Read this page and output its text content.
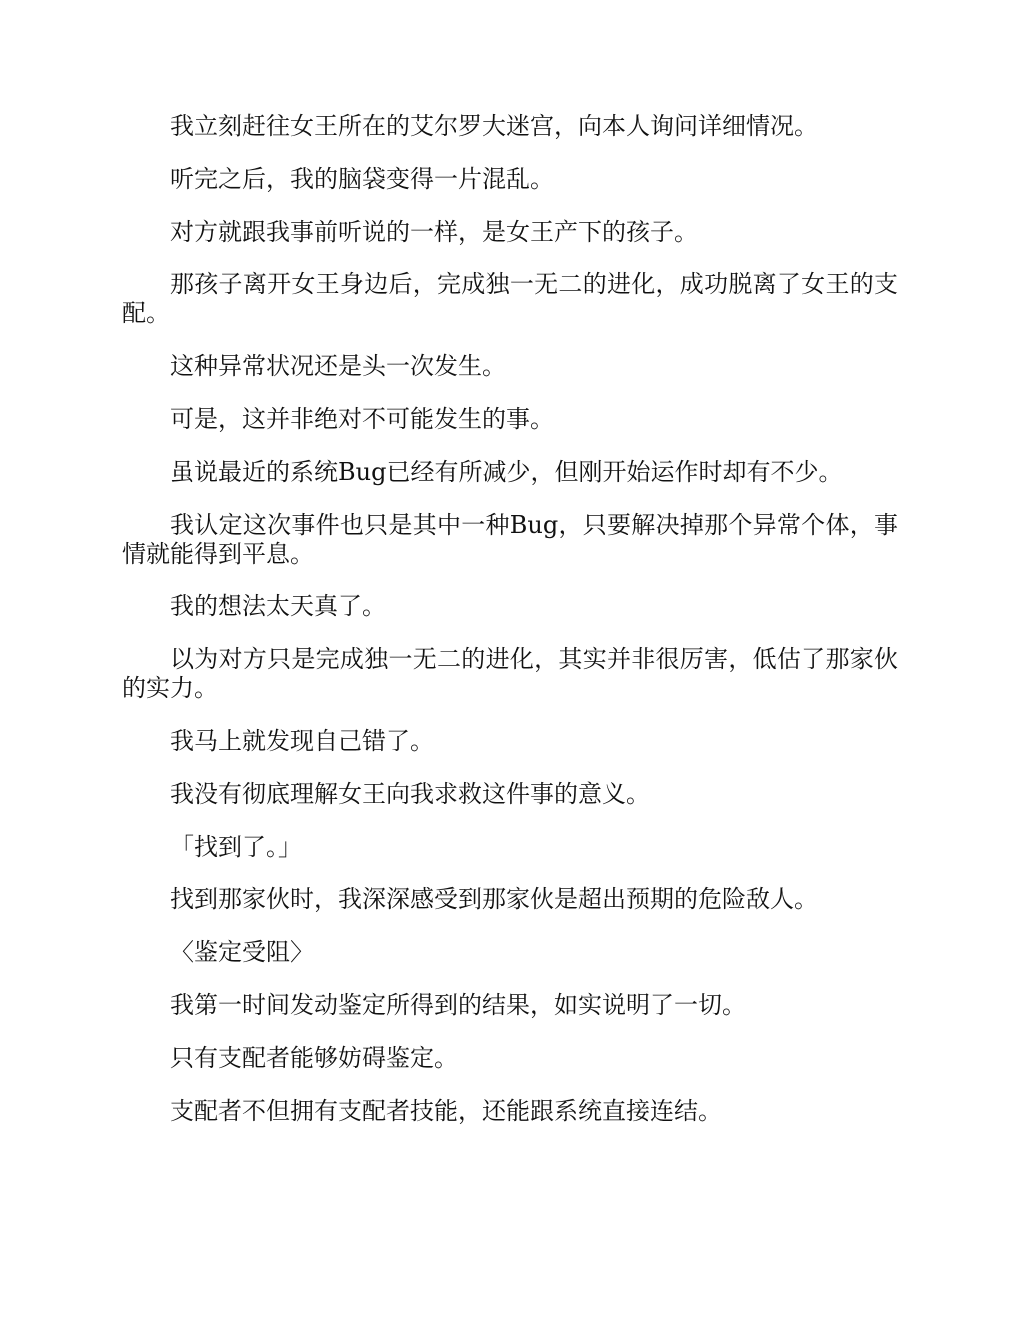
我立刻赶往女王所在的艾尔罗大迷宫，向本人询问详细情况。

听完之后，我的脑袋变得一片混乱。

对方就跟我事前听说的一样，是女王产下的孩子。

那孩子离开女王身边后，完成独一无二的进化，成功脱离了女王的支配。

这种异常状况还是头一次发生。

可是，这并非绝对不可能发生的事。

虽说最近的系统Bug已经有所减少，但刚开始运作时却有不少。

我认定这次事件也只是其中一种Bug，只要解决掉那个异常个体，事情就能得到平息。

我的想法太天真了。

以为对方只是完成独一无二的进化，其实并非很厉害，低估了那家伙的实力。

我马上就发现自己错了。

我没有彻底理解女王向我求救这件事的意义。

「找到了。」

找到那家伙时，我深深感受到那家伙是超出预期的危险敌人。

〈鉴定受阻〉

我第一时间发动鉴定所得到的结果，如实说明了一切。

只有支配者能够妨碍鉴定。

支配者不但拥有支配者技能，还能跟系统直接连结。
